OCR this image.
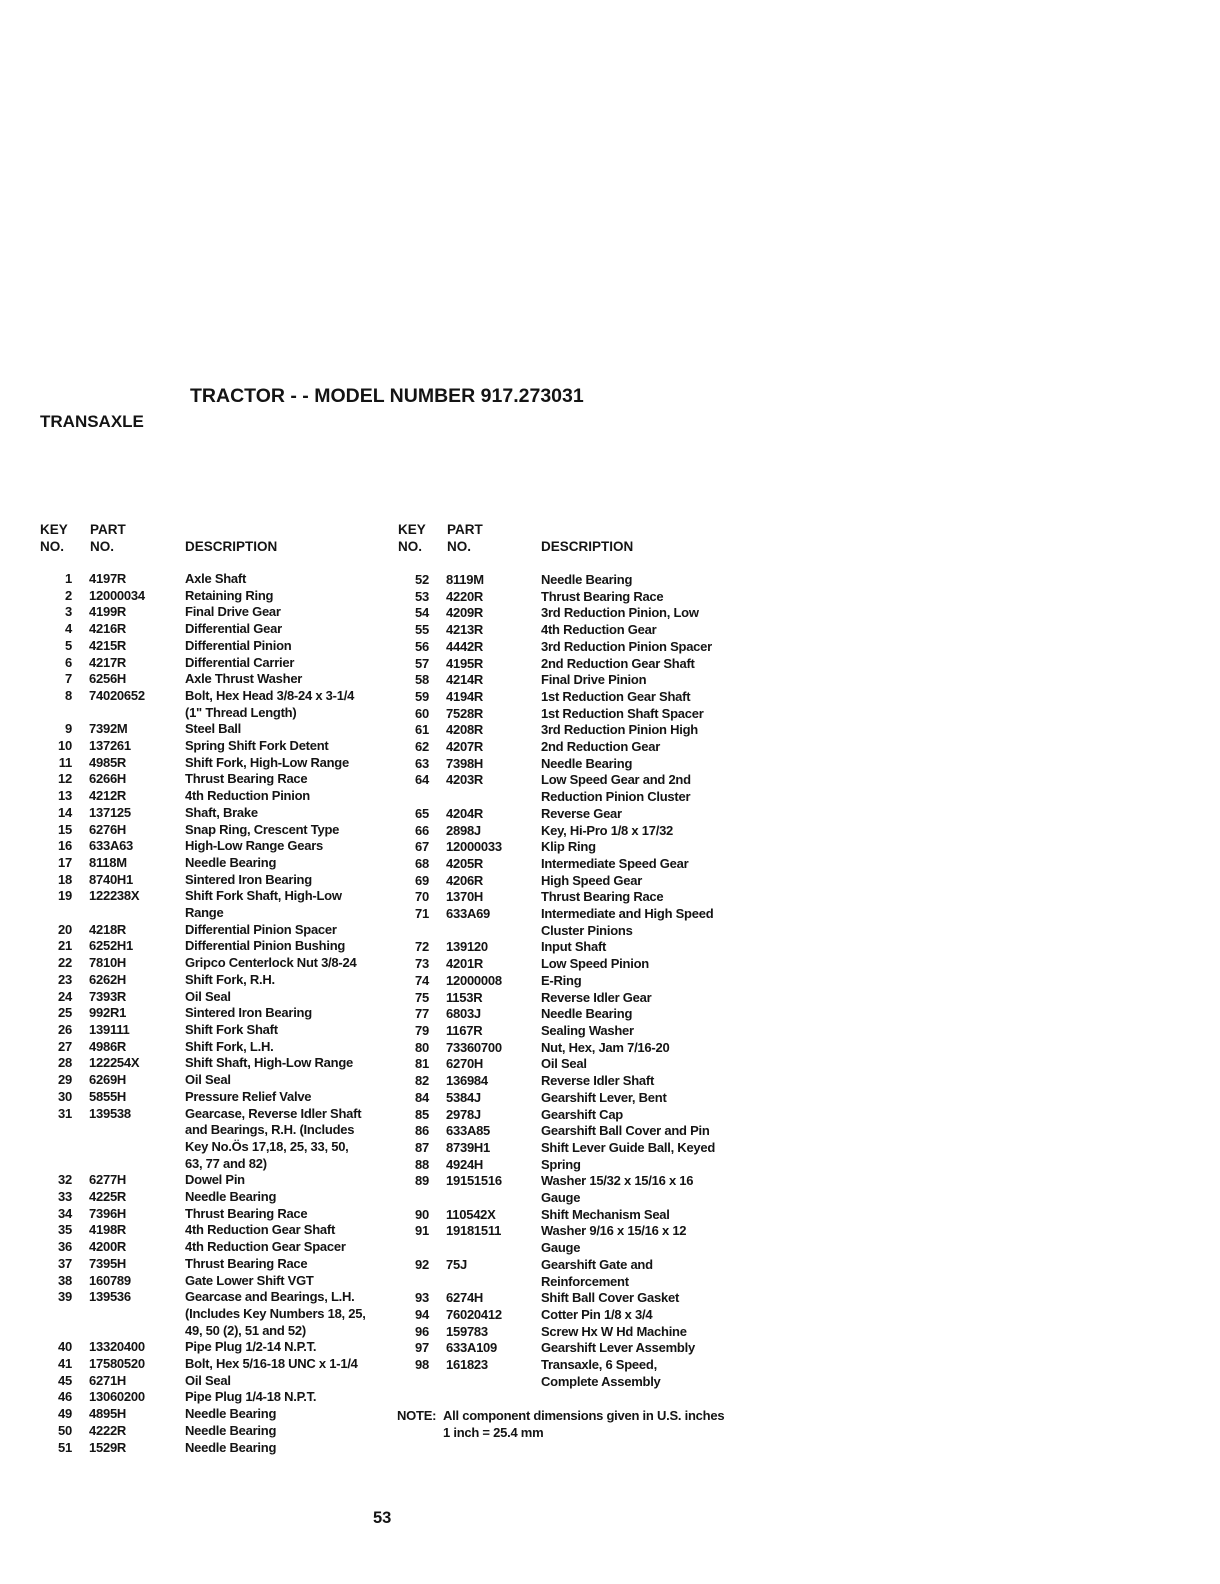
TRACTOR - - MODEL NUMBER 917.273031
TRANSAXLE
KEY
NO.
PART
NO.	DESCRIPTION
KEY
NO.
PART
NO.	DESCRIPTION
1 4197R	Axle Shaft
2 12000034	Retaining Ring
3 4199R	Final Drive Gear
4 4216R	Differential Gear
5 4215R	Differential Pinion
6 4217R	Differential Carrier
7 6256H	Axle Thrust Washer
8 74020652	Bolt, Hex Head 3/8-24 x 3-1/4
(1" Thread Length)
9 7392M	Steel Ball
10 137261	Spring Shift Fork Detent
11 4985R	Shift Fork, High-Low Range
12 6266H	Thrust Bearing Race
13 4212R	4th Reduction Pinion
14 137125	Shaft, Brake
15 6276H	Snap Ring, Crescent Type
16 633A63	High-Low Range Gears
17 8118M	Needle Bearing
18 8740H1	Sintered Iron Bearing
19 122238X	Shift Fork Shaft, High-Low
Range
20 4218R	Differential Pinion Spacer
21 6252H1	Differential Pinion Bushing
22 7810H	Gripco Centerlock Nut 3/8-24
23 6262H	Shift Fork, R.H.
24 7393R	Oil Seal
25 992R1	Sintered Iron Bearing
26 139111	Shift Fork Shaft
27 4986R	Shift Fork, L.H.
28 122254X	Shift Shaft, High-Low Range
29 6269H	Oil Seal
30 5855H	Pressure Relief Valve
31 139538	Gearcase, Reverse Idler Shaft
and Bearings, R.H. (Includes
Key No.Ös 17,18, 25, 33, 50,
63, 77 and 82)
32 6277H	Dowel Pin
33 4225R	Needle Bearing
34 7396H	Thrust Bearing Race
35 4198R	4th Reduction Gear Shaft
36 4200R	4th Reduction Gear Spacer
37 7395H	Thrust Bearing Race
38 160789	Gate Lower Shift VGT
39 139536	Gearcase and Bearings, L.H.
(Includes Key Numbers 18, 25,
49, 50 (2), 51 and 52)
40 13320400	Pipe Plug 1/2-14 N.P.T.
41 17580520	Bolt, Hex 5/16-18 UNC x 1-1/4
45 6271H	Oil Seal
46 13060200	Pipe Plug 1/4-18 N.P.T.
49 4895H	Needle Bearing
50 4222R	Needle Bearing
51 1529R	Needle Bearing
52 8119M	Needle Bearing
53 4220R	Thrust Bearing Race
54 4209R	3rd Reduction Pinion, Low
55 4213R	4th Reduction Gear
56 4442R	3rd Reduction Pinion Spacer
57 4195R	2nd Reduction Gear Shaft
58 4214R	Final Drive Pinion
59 4194R	1st Reduction Gear Shaft
60 7528R	1st Reduction Shaft Spacer
61 4208R	3rd Reduction Pinion High
62 4207R	2nd Reduction Gear
63 7398H	Needle Bearing
64 4203R	Low Speed Gear and 2nd
Reduction Pinion Cluster
65 4204R	Reverse Gear
66 2898J	Key, Hi-Pro 1/8 x 17/32
67 12000033	Klip Ring
68 4205R	Intermediate Speed Gear
69 4206R	High Speed Gear
70 1370H	Thrust Bearing Race
71 633A69	Intermediate and High Speed
Cluster Pinions
72 139120	Input Shaft
73 4201R	Low Speed Pinion
74 12000008	E-Ring
75 1153R	Reverse Idler Gear
77 6803J	Needle Bearing
79 1167R	Sealing Washer
80 73360700	Nut, Hex, Jam 7/16-20
81 6270H	Oil Seal
82 136984	Reverse Idler Shaft
84 5384J	Gearshift Lever, Bent
85 2978J	Gearshift Cap
86 633A85	Gearshift Ball Cover and Pin
87 8739H1	Shift Lever Guide Ball, Keyed
88 4924H	Spring
89 19151516	Washer 15/32 x 15/16 x 16
Gauge
90 110542X	Shift Mechanism Seal
91 19181511	Washer 9/16 x 15/16 x 12
Gauge
92 75J	Gearshift Gate and
Reinforcement
93 6274H	Shift Ball Cover Gasket
94 76020412	Cotter Pin 1/8 x 3/4
96 159783	Screw Hx W Hd Machine
97 633A109	Gearshift Lever Assembly
98 161823	Transaxle, 6 Speed,
Complete Assembly
NOTE: All component dimensions given in U.S. inches
1 inch = 25.4 mm
53
